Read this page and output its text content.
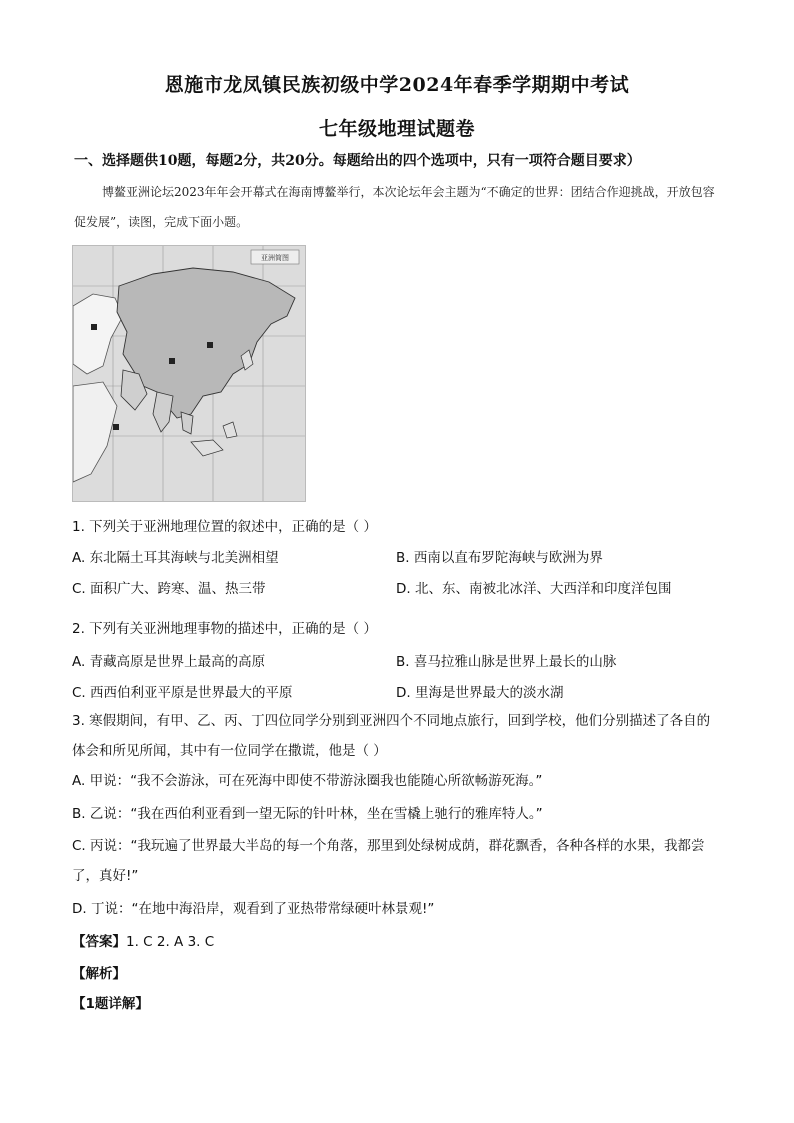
恩施市龙凤镇民族初级中学2024年春季学期期中考试
七年级地理试题卷
一、选择题供10题，每题2分，共20分。每题给出的四个选项中，只有一项符合题目要求）
博鳌亚洲论坛2023年年会开幕式在海南博鳌举行，本次论坛年会主题为“不确定的世界：团结合作迎挑战，开放包容促发展”，读图，完成下面小题。
亚洲简图
1. 下列关于亚洲地理位置的叙述中，正确的是（ ）
A. 东北隔土耳其海峡与北美洲相望	B. 西南以直布罗陀海峡与欧洲为界
C. 面积广大、跨寒、温、热三带	D. 北、东、南被北冰洋、大西洋和印度洋包围
2. 下列有关亚洲地理事物的描述中，正确的是（ ）
A. 青藏高原是世界上最高的高原	B. 喜马拉雅山脉是世界上最长的山脉
C. 西西伯利亚平原是世界最大的平原	D. 里海是世界最大的淡水湖
3. 寒假期间，有甲、乙、丙、丁四位同学分别到亚洲四个不同地点旅行，回到学校，他们分别描述了各自的体会和所见所闻，其中有一位同学在撒谎，他是（ ）
A. 甲说：“我不会游泳，可在死海中即使不带游泳圈我也能随心所欲畅游死海。”
B. 乙说：“我在西伯利亚看到一望无际的针叶林，坐在雪橇上驰行的雅库特人。”
C. 丙说：“我玩遍了世界最大半岛的每一个角落，那里到处绿树成荫，群花飘香，各种各样的水果，我都尝了，真好!”
D. 丁说：“在地中海沿岸，观看到了亚热带常绿硬叶林景观!”
【答案】1. C 2. A 3. C
【解析】
【1题详解】
